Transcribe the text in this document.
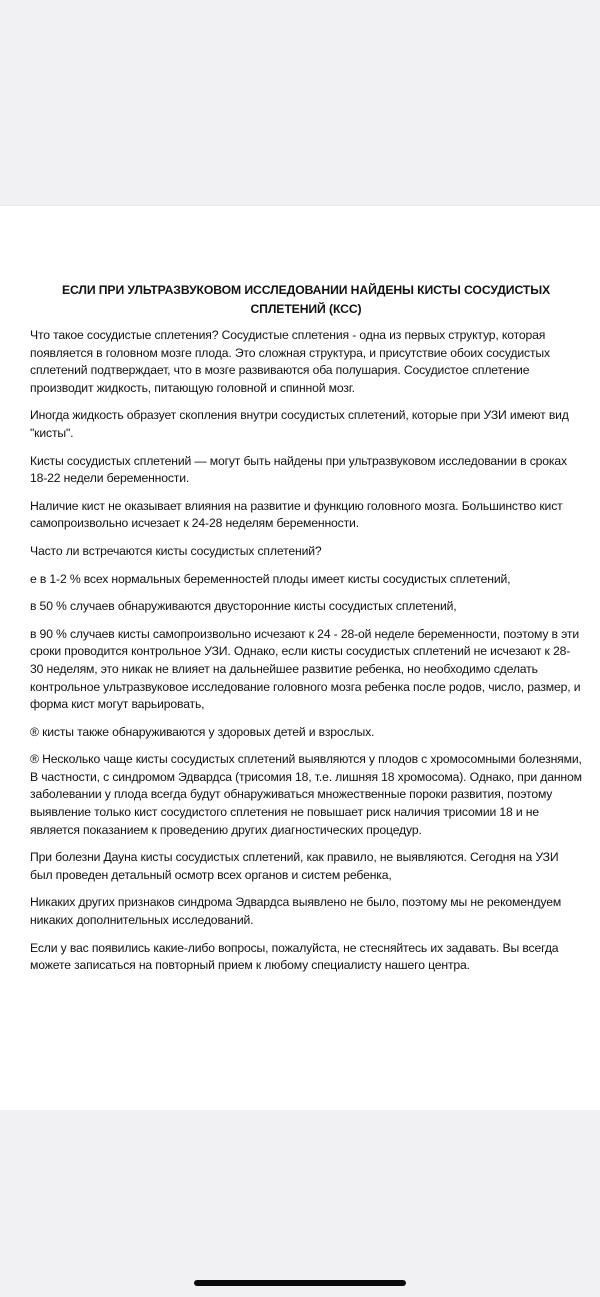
ЕСЛИ ПРИ УЛЬТРАЗВУКОВОМ ИССЛЕДОВАНИИ НАЙДЕНЫ КИСТЫ СОСУДИСТЫХ СПЛЕТЕНИЙ (КСС)

Что такое сосудистые сплетения? Сосудистые сплетения - одна из первых структур, которая появляется в головном мозге плода. Это сложная структура, и присутствие обоих сосудистых сплетений подтверждает, что в мозге развиваются оба полушария. Сосудистое сплетение производит жидкость, питающую головной и спинной мозг.

Иногда жидкость образует скопления внутри сосудистых сплетений, которые при УЗИ имеют вид "кисты".

Кисты сосудистых сплетений — могут быть найдены при ультразвуковом исследовании в сроках 18-22 недели беременности.

Наличие кист не оказывает влияния на развитие и функцию головного мозга. Большинство кист самопроизвольно исчезает к 24-28 неделям беременности.

Часто ли встречаются кисты сосудистых сплетений?

е в 1-2 % всех нормальных беременностей плоды имеет кисты сосудистых сплетений,

в 50 % случаев обнаруживаются двусторонние кисты сосудистых сплетений,

в 90 % случаев кисты самопроизвольно исчезают к 24 - 28-ой неделе беременности, поэтому в эти сроки проводится контрольное УЗИ. Однако, если кисты сосудистых сплетений не исчезают к 28-30 неделям, это никак не влияет на дальнейшее развитие ребенка, но необходимо сделать контрольное ультразвуковое исследование головного мозга ребенка после родов, число, размер, и форма кист могут варьировать,

® кисты также обнаруживаются у здоровых детей и взрослых.

® Несколько чаще кисты сосудистых сплетений выявляются у плодов с хромосомными болезнями, В частности, с синдромом Эдвардса (трисомия 18, т.е. лишняя 18 хромосома). Однако, при данном заболевании у плода всегда будут обнаруживаться множественные пороки развития, поэтому выявление только кист сосудистого сплетения не повышает риск наличия трисомии 18 и не является показанием к проведению других диагностических процедур.

При болезни Дауна кисты сосудистых сплетений, как правило, не выявляются. Сегодня на УЗИ был проведен детальный осмотр всех органов и систем ребенка,

Никаких других признаков синдрома Эдвардса выявлено не было, поэтому мы не рекомендуем никаких дополнительных исследований.

Если у вас появились какие-либо вопросы, пожалуйста, не стесняйтесь их задавать. Вы всегда можете записаться на повторный прием к любому специалисту нашего центра.
